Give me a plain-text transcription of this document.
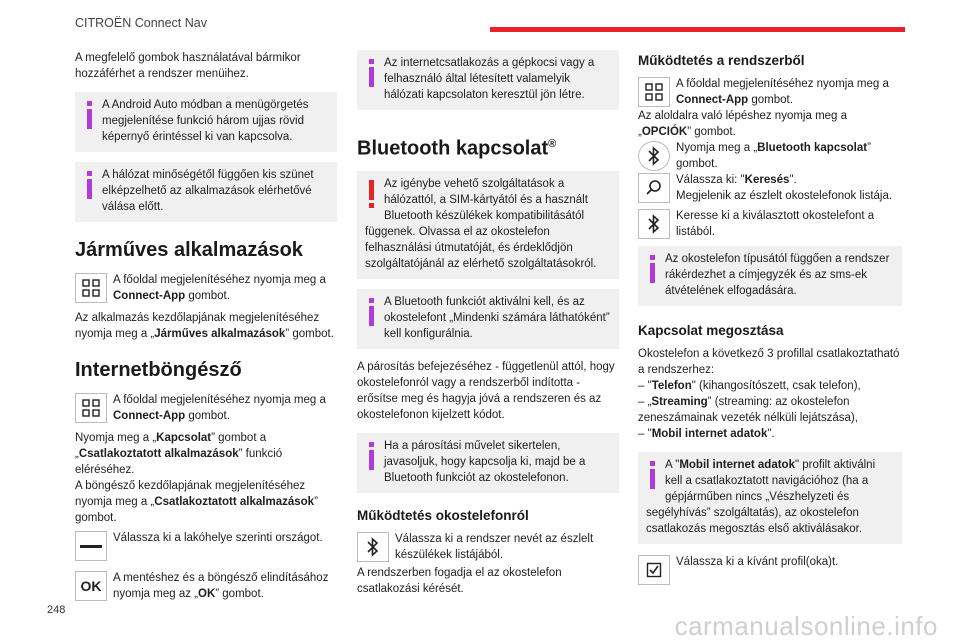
CITROËN Connect Nav

A megfelelő gombok használatával bármikor hozzáférhet a rendszer menüihez.

A Android Auto módban a menügörgetés megjelenítése funkció három ujjas rövid képernyő érintéssel ki van kapcsolva.
A hálózat minőségétől függően kis szünet elképzelhető az alkalmazások elérhetővé válása előtt.
Járműves alkalmazások
A főoldal megjelenítéséhez nyomja meg a Connect-App gombot.

Az alkalmazás kezdőlapjának megjelenítéséhez nyomja meg a „Járműves alkalmazások” gombot.

Internetböngésző
A főoldal megjelenítéséhez nyomja meg a Connect-App gombot.

Nyomja meg a „Kapcsolat” gombot a „Csatlakoztatott alkalmazások” funkció eléréséhez.
A böngésző kezdőlapjának megjelenítéséhez nyomja meg a „Csatlakoztatott alkalmazások” gombot.

Válassza ki a lakóhelye szerinti országot.
OK	A mentéshez és a böngésző elindításához nyomja meg az „OK” gombot.
Az internetcsatlakozás a gépkocsi vagy a felhasználó által létesített valamelyik hálózati kapcsolaton keresztül jön létre.
Bluetooth kapcsolat®
Az igénybe vehető szolgáltatások a hálózattól, a SIM-kártyától és a használt Bluetooth készülékek kompatibilitásától függenek. Olvassa el az okostelefon felhasználási útmutatóját, és érdeklődjön szolgáltatójánál az elérhető szolgáltatásokról.
A Bluetooth funkciót aktiválni kell, és az okostelefont „Mindenki számára láthatóként” kell konfigurálnia.

A párosítás befejezéséhez - függetlenül attól, hogy okostelefonról vagy a rendszerből indította - erősítse meg és hagyja jóvá a rendszeren és az okostelefonon kijelzett kódot.

Ha a párosítási művelet sikertelen, javasoljuk, hogy kapcsolja ki, majd be a Bluetooth funkciót az okostelefonon.
Működtetés okostelefonról
Válassza ki a rendszer nevét az észlelt készülékek listájából.

A rendszerben fogadja el az okostelefon csatlakozási kérését.

Működtetés a rendszerből
A főoldal megjelenítéséhez nyomja meg a Connect-App gombot.

Az aloldalra való lépéshez nyomja meg a „OPCIÓK” gombot.

Nyomja meg a „Bluetooth kapcsolat” gombot.
Válassza ki: "Keresés".
Megjelenik az észlelt okostelefonok listája.
Keresse ki a kiválasztott okostelefont a listából.
Az okostelefon típusától függően a rendszer rákérdezhet a címjegyzék és az sms-ek átvételének elfogadására.
Kapcsolat megosztása

Okostelefon a következő 3 profillal csatlakoztatható a rendszerhez:

– "Telefon" (kihangosítószett, csak telefon),
– „Streaming” (streaming: az okostelefon zeneszámainak vezeték nélküli lejátszása),
– "Mobil internet adatok".
A "Mobil internet adatok" profilt aktiválni kell a csatlakoztatott navigációhoz (ha a gépjárműben nincs „Vészhelyzeti és segélyhívás” szolgáltatás), az okostelefon csatlakozás megosztás első aktiválásakor.
Válassza ki a kívánt profil(oka)t.
248
carmanualsonline.info
